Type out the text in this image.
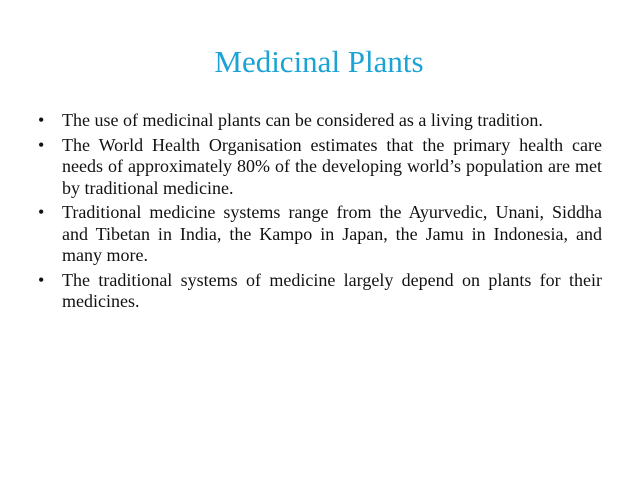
Medicinal Plants
• The use of medicinal plants can be considered as a living tradition.
• The World Health Organisation estimates that the primary health care needs of approximately 80% of the developing world’s population are met by traditional medicine.
• Traditional medicine systems range from the Ayurvedic, Unani, Siddha and Tibetan in India, the Kampo in Japan, the Jamu in Indonesia, and many more.
• The traditional systems of medicine largely depend on plants for their medicines.
